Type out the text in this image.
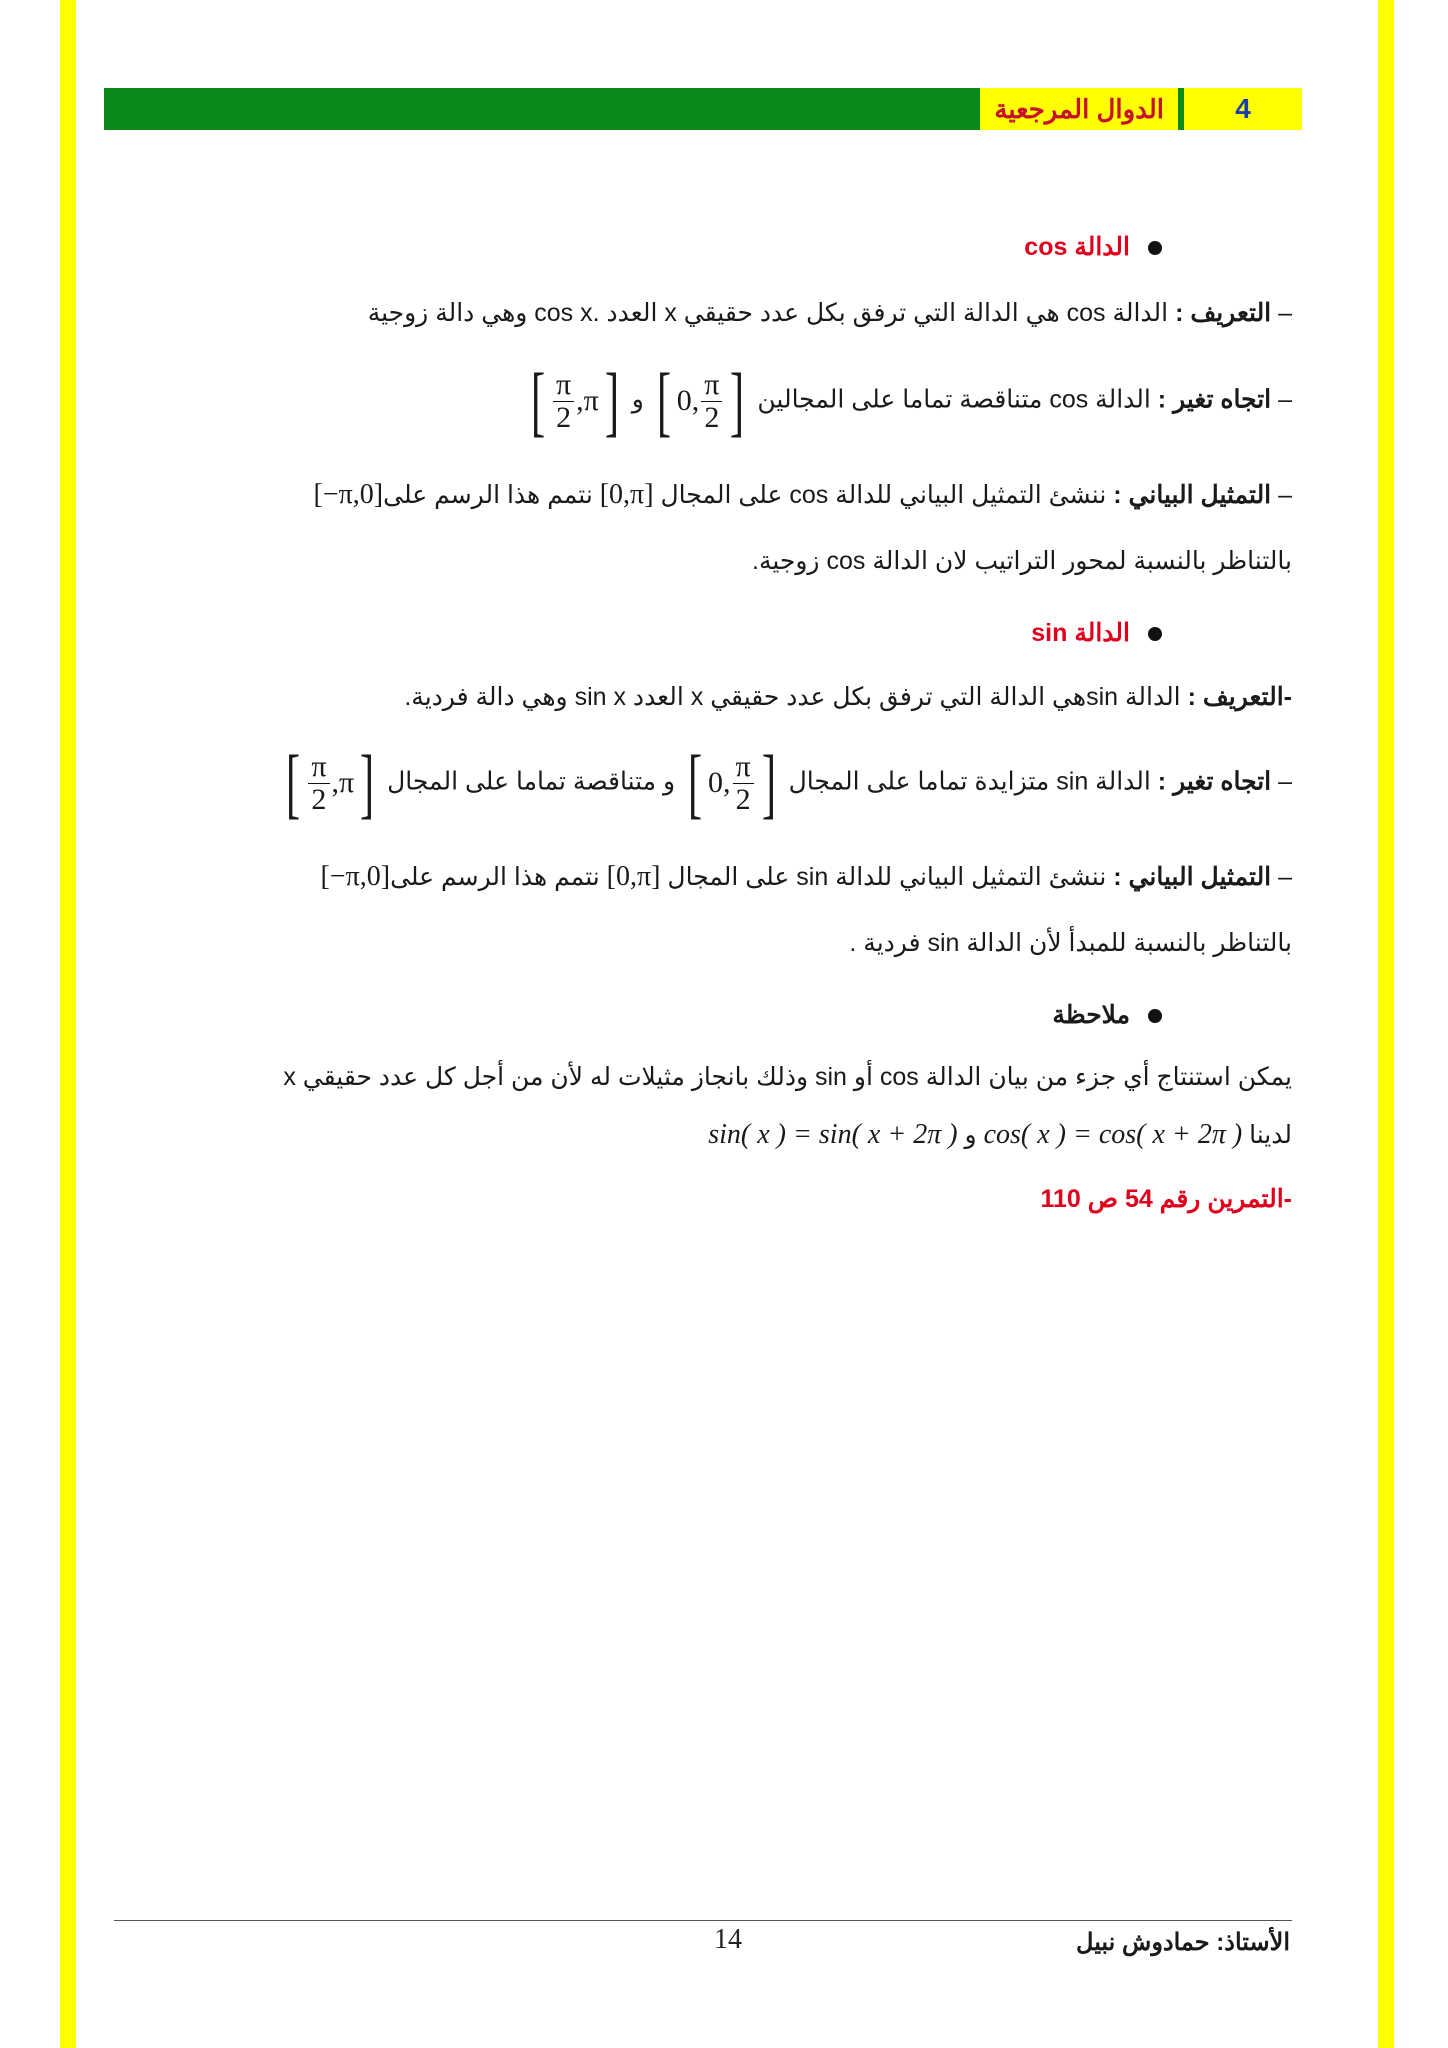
الدوال المرجعية	4
الدالة cos
– التعريف : الدالة cos هي الدالة التي ترفق بكل عدد حقيقي x العدد .cos x وهي دالة زوجية
– اتجاه تغير : الدالة cos متناقصة تماما على المجالين
[ 0, $\frac{\pi}{2}$ ]
و
[ $\frac{\pi}{2} ,\pi$ ]
– التمثيل البياني : ننشئ التمثيل البياني للدالة cos على المجال [0,π] نتمم هذا الرسم على[−π,0]
بالتناظر بالنسبة لمحور التراتيب لان الدالة cos زوجية.
الدالة sin
-التعريف : الدالة sinهي الدالة التي ترفق بكل عدد حقيقي x العدد sin x وهي دالة فردية.
– اتجاه تغير : الدالة sin متزايدة تماما على المجال
[ 0, $\frac{\pi}{2}$ ]
و متناقصة تماما على المجال
[ $\frac{\pi}{2} ,\pi$ ]
– التمثيل البياني : ننشئ التمثيل البياني للدالة sin على المجال [0,π] نتمم هذا الرسم على[−π,0]
بالتناظر بالنسبة للمبدأ لأن الدالة sin فردية .
ملاحظة
يمكن استنتاج أي جزء من بيان الدالة cos أو sin وذلك بانجاز مثيلات له لأن من أجل كل عدد حقيقي x
لدينا cos( x ) = cos( x + 2π ) و sin( x ) = sin( x + 2π )
-التمرين رقم 54 ص 110
14	الأستاذ: حمادوش نبيل
